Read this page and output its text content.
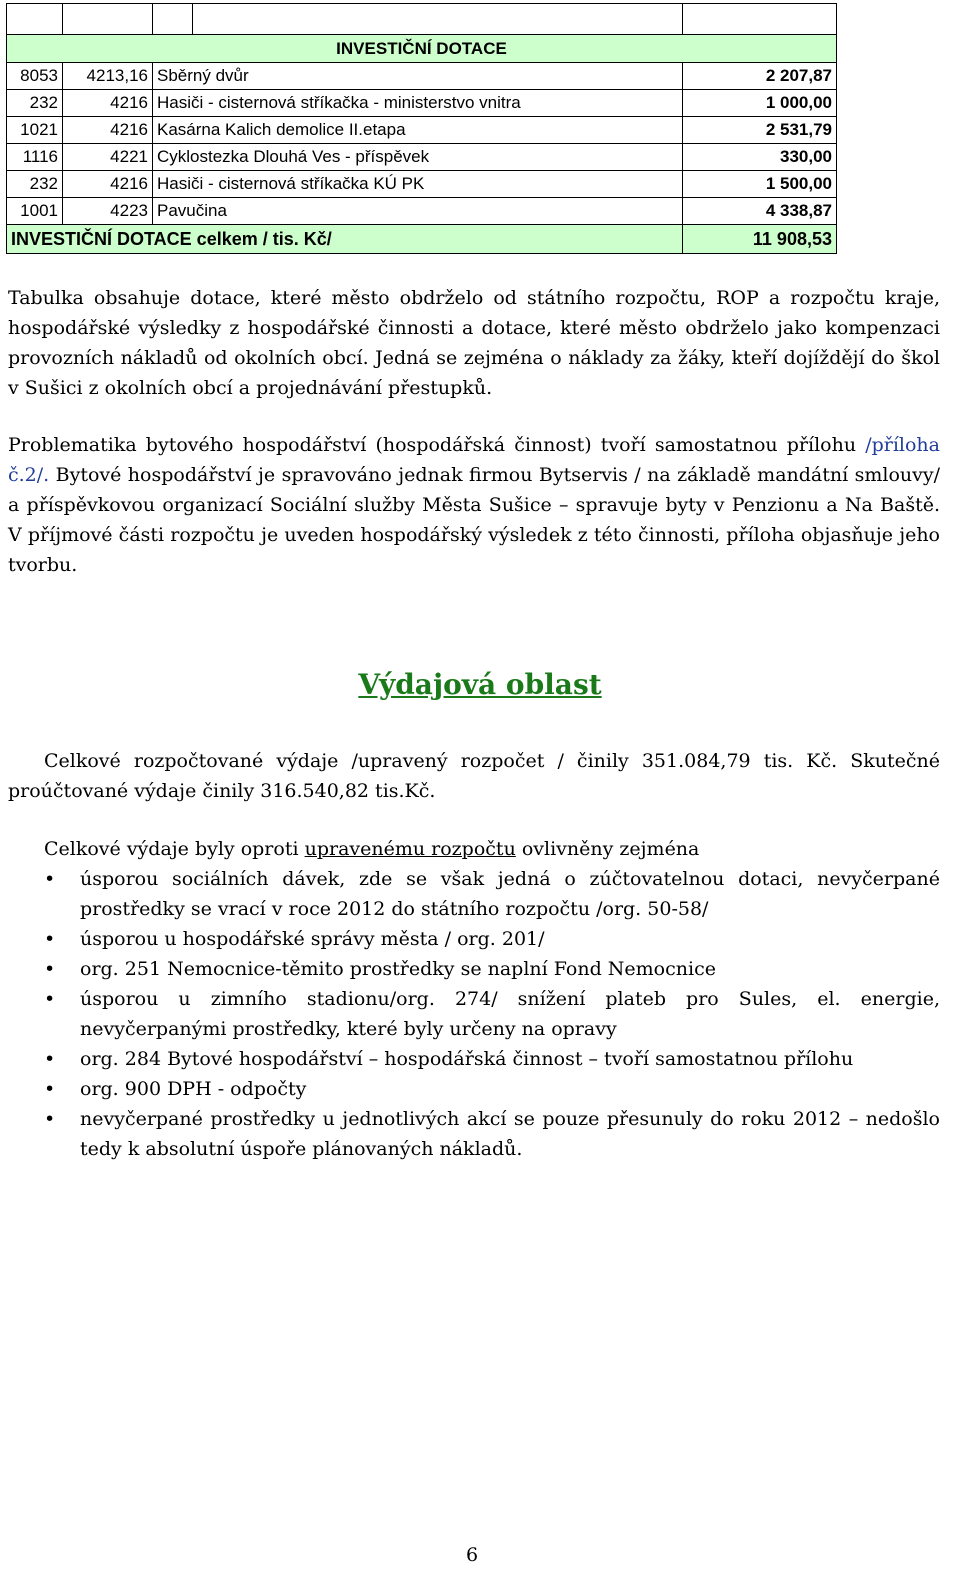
INVESTIČNÍ DOTACE				
8053	4213,16	Sběrný dvůr		2 207,87
232	4216	Hasiči - cisternová stříkačka - ministerstvo vnitra		1 000,00
1021	4216	Kasárna Kalich demolice II.etapa		2 531,79
1116	4221	Cyklostezka Dlouhá Ves - příspěvek		330,00
232	4216	Hasiči - cisternová stříkačka KÚ PK		1 500,00
1001	4223	Pavučina		4 338,87
INVESTIČNÍ DOTACE celkem / tis. Kč/				11 908,53

Tabulka obsahuje dotace, které město obdrželo od státního rozpočtu, ROP a rozpočtu kraje, hospodářské výsledky z hospodářské činnosti a dotace, které město obdrželo jako kompenzaci provozních nákladů od okolních obcí. Jedná se zejména o náklady za žáky, kteří dojíždějí do škol v Sušici z okolních obcí a projednávání přestupků.

Problematika bytového hospodářství (hospodářská činnost) tvoří samostatnou přílohu /příloha č.2/. Bytové hospodářství je spravováno jednak firmou Bytservis / na základě mandátní smlouvy/ a příspěvkovou organizací Sociální služby Města Sušice – spravuje byty v Penzionu a Na Baště. V příjmové části rozpočtu je uveden hospodářský výsledek z této činnosti, příloha objasňuje jeho tvorbu.

Výdajová oblast

Celkové rozpočtované výdaje /upravený rozpočet / činily 351.084,79 tis. Kč. Skutečné proúčtované výdaje činily 316.540,82 tis.Kč.

Celkové výdaje byly oproti upravenému rozpočtu ovlivněny zejména

• úsporou sociálních dávek, zde se však jedná o zúčtovatelnou dotaci, nevyčerpané prostředky se vrací v roce 2012 do státního rozpočtu /org. 50-58/
• úsporou u hospodářské správy města / org. 201/
• org. 251 Nemocnice-těmito prostředky se naplní Fond Nemocnice
• úsporou u zimního stadionu/org. 274/ snížení plateb pro Sules, el. energie, nevyčerpanými prostředky, které byly určeny na opravy
• org. 284 Bytové hospodářství – hospodářská činnost – tvoří samostatnou přílohu
• org. 900 DPH - odpočty
• nevyčerpané prostředky u jednotlivých akcí se pouze přesunuly do roku 2012 – nedošlo tedy k absolutní úspoře plánovaných nákladů.
6
